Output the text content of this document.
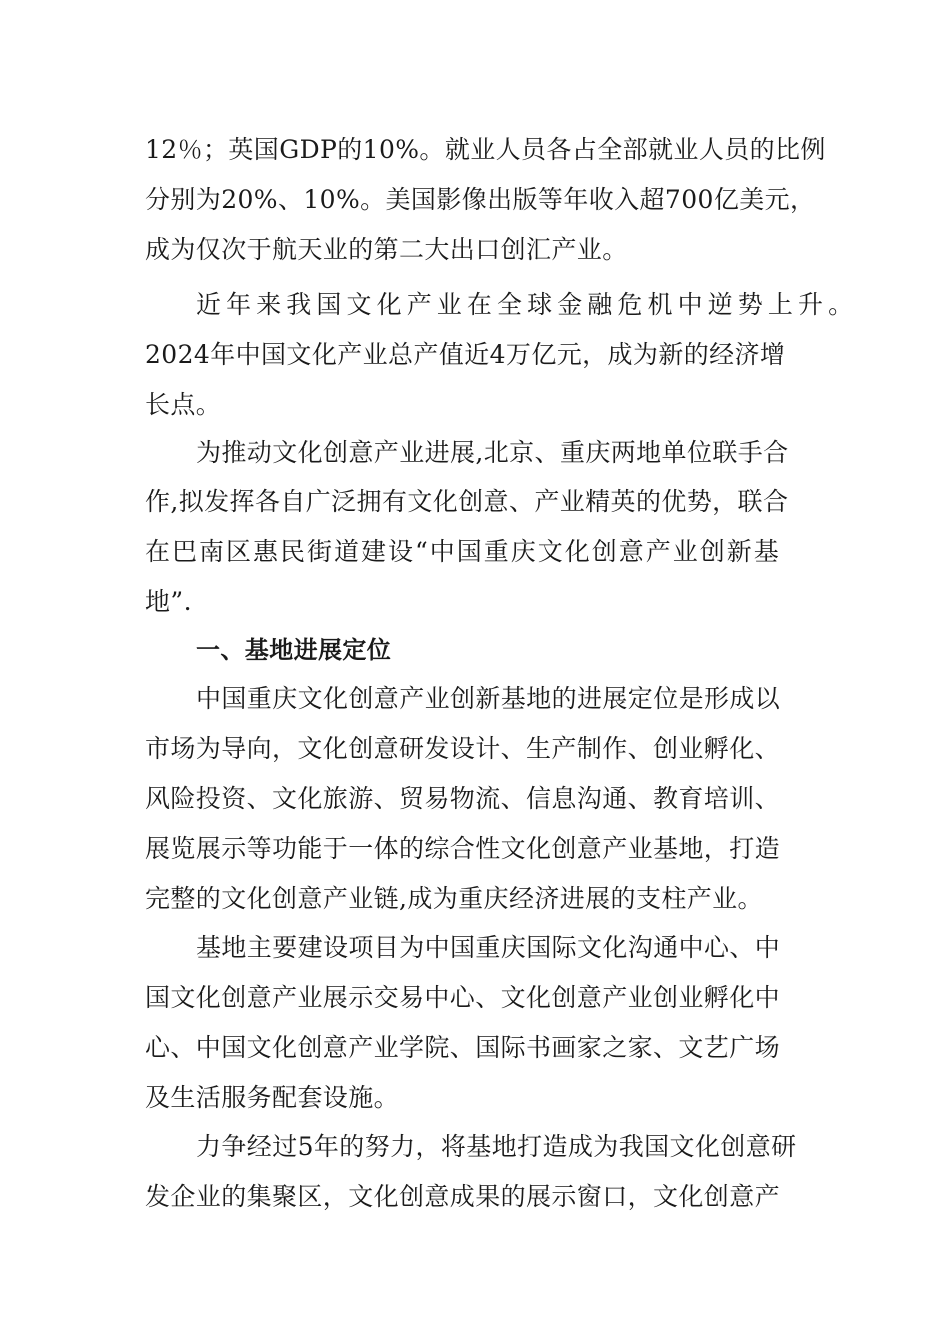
12％；英国GDP的10%。就业人员各占全部就业人员的比例
分别为20%、10%。美国影像出版等年收入超700亿美元，
成为仅次于航天业的第二大出口创汇产业。
近年来我国文化产业在全球金融危机中逆势上升。
2024年中国文化产业总产值近4万亿元，成为新的经济增
长点。
为推动文化创意产业进展,北京、重庆两地单位联手合
作,拟发挥各自广泛拥有文化创意、产业精英的优势，联合
在巴南区惠民街道建设“中国重庆文化创意产业创新基
地”.
一、基地进展定位
中国重庆文化创意产业创新基地的进展定位是形成以
市场为导向，文化创意研发设计、生产制作、创业孵化、
风险投资、文化旅游、贸易物流、信息沟通、教育培训、
展览展示等功能于一体的综合性文化创意产业基地，打造
完整的文化创意产业链,成为重庆经济进展的支柱产业。
基地主要建设项目为中国重庆国际文化沟通中心、中
国文化创意产业展示交易中心、文化创意产业创业孵化中
心、中国文化创意产业学院、国际书画家之家、文艺广场
及生活服务配套设施。
力争经过5年的努力，将基地打造成为我国文化创意研
发企业的集聚区，文化创意成果的展示窗口，文化创意产
